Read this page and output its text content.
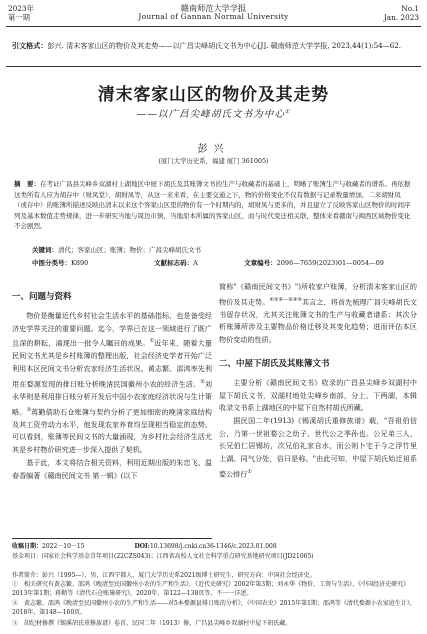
2023年
第一期
赣南师范大学学报
Journal of Gannan Normal University
No.1
Jan. 2023
引文格式：彭兴. 清末客家山区的物价及其走势——以广昌尖峰胡氏文书为中心[J]. 赣南师范大学学报, 2023,44(1):54—62.
清末客家山区的物价及其走势
——以广昌尖峰胡氏文书为中心①
彭兴
(厦门大学历史系，福建 厦门 361005)
摘　要：在考证广昌县尖峰乡双湖村上湖地区中屋下胡氏及其账簿文书的生产与收藏者的基础上，明晰了账簿生产与收藏者的谱系。再依据这类所有人应为胡存中（财凤堂）、胡财凤等，从这一来来看，在主要交通之下，物的价格变化不仅有数据与记录数量增加，二来胡财凤（或存中）的账簿所描述反映出清末以来这个客家山区里的物价有一个时期内的，胡财凤与更多的，并且建立了反映客家山区物价的时间序列及基本数值走势规律，进一步研究当地与周边市镇，当地原本所属的客家山区、而与时代变迁相关联，整体来看赣南与闽西区域物价变化不会剧烈。
关键词：清代；客家山区；账簿；物价；广昌尖峰胡氏文书
中图分类号：K890	文献标志码：A	文章编号：2096—7659(2023)01—0054—09
一、问题与资料

物价是衡量近代乡村社会生活水平的基础指标，也是备受经济史学界关注的重要问题。迄今，学界已在这一领域进行了既广且深的耕耘，涌现出一批令人瞩目的成果。①近年来，随着大量民间文书尤其是乡村账簿的整理出版，社会经济史学者开始广泛利用本区民间文书分析农家经济生活状况。黄志繁、邵鸿率先利用在婺源发现的排日账分析晚清民国徽州小农的经济生活。②刘永华则是利用排日账分析开发后中国小农家庭经济状况与生计策略。③蒋勤借助石仓账簿与契约分析了更加细密的晚清家庭结构及其工资劳动力水平，他发现农家养育均呈现相当稳定的态势。可以看到，账簿等民间文书的大量涌现，为乡村社会经济生活尤其是乡村物价研究进一步深入提供了契机。

基于此，本文将结合相关资料，利用近期出版的朱忠飞、温春香编著《赣南民间文书 第一辑》(以下

简称"《赣南民间文书》")所收家户账簿，分析清末客家山区的物价及其走势。④⑤⑥—⑧⑨⑩其言之，将首先梳理广昌尖峰胡氏文书留存状况，尤其关注账簿文书的生产与收藏者谱系；其次分析账簿所涉及主要物品价格迁移及其变化趋势；进而评估本区物价变动的性质。

二、中屋下胡氏及其账簿文书

主要分析《赣南民间文书》收录的广昌县尖峰乡双湖村中屋下胡氏文书，双湖村地处尖峰乡南部，分上、下两湖，本辑收录文书系上湖地区的中屋下自然村胡氏所藏。

据民国二年(1913)《锡溪胡氏重修族谱》载，"吾祖伯信公，乃第一世祖婺公之幼子，世代公之季孙也。公兄弟三人，长兄伯仁居锡坊，次兄伯礼家自水，而公则卜宅于今之浮竹里上湖。同气分处，俗曰是称。"由此可知，中屋下胡氏始迁祖系婺公排行①

收稿日期：2022－10－15	DOI:10.13698/j.cnki.cn36-1346/c.2023.01.008
基金项目：国家社会科学基金青年项目(22CZS043)；江西省高校人文社会科学重点研究基地研究项目(JD21065)
作者简介：彭兴（1995—），男，江西宁都人，厦门大学历史系2021级博士研究生，研究方向：中国社会经济史。
①　相关研究有黄志繁、邵鸿《晚清至民国徽州小农的生产和生活》，《近代史研究》2002年第3期；刘永华《物价、工资与生活》，《中国经济史研究》2013年第1期；蒋勤等《清代石仓账簿研究》，2020年，第122—138页等，不一一详述。
②　黄志繁、邵鸿《晚清至民国徽州小农的生产和生活——对5本婺源县排日账的分析》，《中国农史》2015年第1期；邵鸿等《清代婺源小农家庭生计》，2018年，第148—160页。
③　胡纪材修撰《锡溪胡氏重修族谱》卷首、民国二年（1913）修，广昌县尖峰乡双湖村中屋下胡氏藏。
